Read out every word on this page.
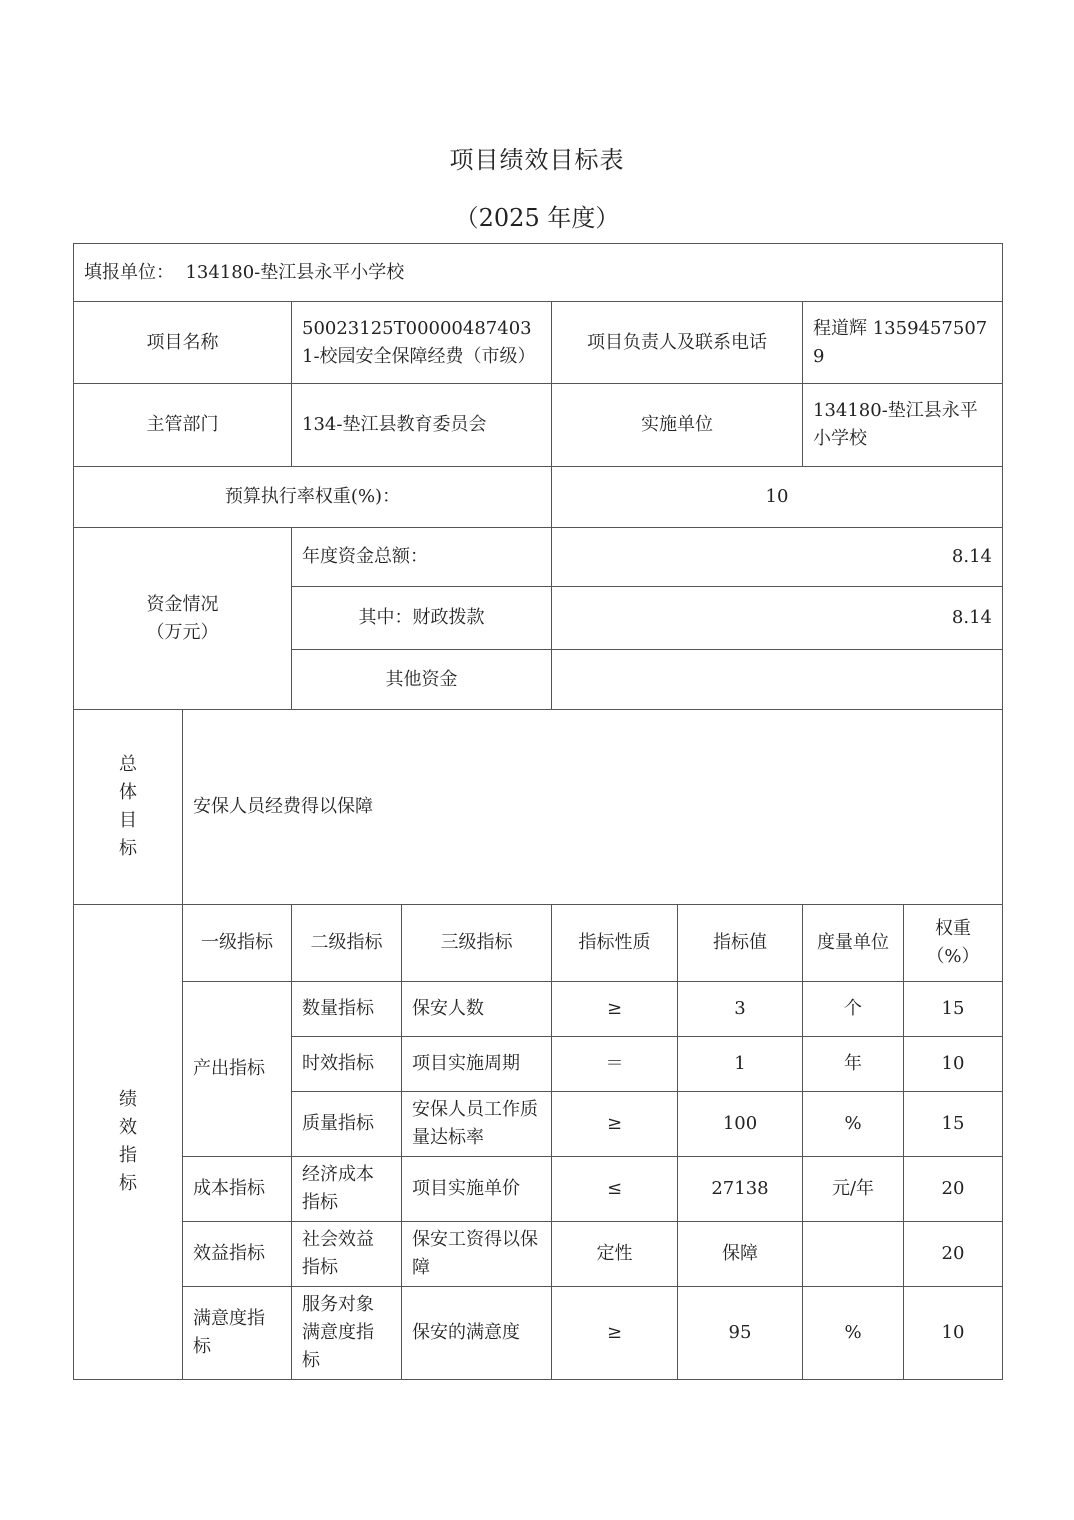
项目绩效目标表
（2025 年度）
填报单位： 134180-垫江县永平小学校							
项目名称		50023125T000004874031-校园安全保障经费（市级）		项目负责人及联系电话		程道辉 13594575079	
主管部门		134-垫江县教育委员会		实施单位		134180-垫江县永平小学校	
预算执行率权重(%)：				10			
资金情况
（万元）		年度资金总额：		8.14			
		其中：财政拨款		8.14			
		其他资金					

总
体
目
标	安保人员经费得以保障						

绩
效
指
标	一级指标	二级指标	三级指标	指标性质	指标值	度量单位	权重（%）
	产出指标	数量指标	保安人数	≥	3	个	15
		时效指标	项目实施周期	＝	1	年	10
		质量指标	安保人员工作质量达标率	≥	100	%	15
	成本指标	经济成本指标	项目实施单价	≤	27138	元/年	20
	效益指标	社会效益指标	保安工资得以保障	定性	保障		20
	满意度指标	服务对象满意度指标	保安的满意度	≥	95	%	10
